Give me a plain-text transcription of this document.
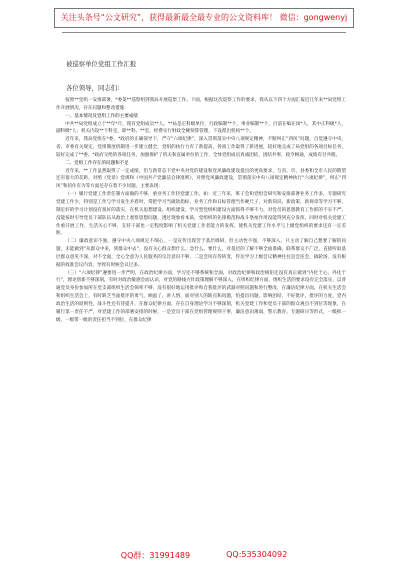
关注头条号“公文研究”，获得最新最全最专业的公文资料库！ 微信：gongwenyj
被巡察单位党组工作汇报
各位领导，同志们：

按照**党组一安排部署，*委第**巡察组到我局开展巡察工作。下面，根据这次巡察工作的要求，我从以下四个方面汇报近几年来**局党组工作开展情况，存在问题和整改措施：

一、基本情况及党组工作的主要成绩

中共**局党组成立于**年*月，现有党组成员**人。**局是正科级单位，行政编制**个，事业编制**个，目前在编在岗*人，其中正科级*人，副科级*人；机关内设**个科室，即**科、**室，经费实行财政全额预算管理，下设派出机构**个。

近年来，我局党组在*委、*政府的正确领导下，严守“六项纪律”，深入贯彻落实中央八项规定精神，不断纠正“四风”问题，自觉遵守中央、省、市委有关规定，党组制度机制进一步建立健全，党组的执行力有了新提高，各项工作取得了新进展，较好地完成了局党组的各项目标任务，较好完成了**委、*政府交给的各项任务，加强保护了机关和直属单位的工作，全体党组成员真诚团结，团结共事，政令畅通，成绩有目共睹。

二、党组工作存在的问题和不足

近年来，**工作虽然取得了一定成绩，但与新常态下党中央对党的建设和党风廉政建设提出的更高要求，与省、市、县委和全市人民的期望还有很大的差距，对照《党章》党规和《中国共产党廉洁自律准则》，对照党风廉政建设，贯彻落实中央八项规定精神执行“六项纪律”，纠正“四风”和扭住有为等方面还存在着不少问题，主要表现：

（一）履行党建工作责任制方面做的不够，重业务工作轻党建工作。如：近三年来，班子会和党组会研究和安排部署业务工作多，专题研究党建工作少，特别是工作与学习发生矛盾时，常把学习当做软指标，业务工作和日标管理当作硬尺子，对新知识、新政策、新规章等学习不够，制定好的学习计划没有很好的落实，在机关思想建设、组织建设、学习型党组织建设方面抓得不够不力，对党员的思想教育工作抓的不实不严，没能按时引导党员干部队伍从政治上观察思想问题，透过现象看本质，党组织的先锋模范和战斗堡垒作用没能得到充分发挥，同时对机关党建工作重开展工作，生活关心不够，支持干部也一定程度影响了机关党建工作者能力的发挥，使机关党建工作水平与上级党组织的要求还有一定差距。

（二）廉政意识不强，遵守中央八项规定不细心，一是宣传出现苦于基层调研，但主动性不强，不够深入，只主动了解自己想要了解的问题，未能做到“从群众中来，到群众中去”，没有关心群众想什么、急什么、要什么，对基层的了解不够全面准确，联系群众不广泛，直接听取基层群众意见不深，对不全面，全心全意为人民服务的宗旨意识不够，二是会风有待转变，传达学习上级会议精神往往是会连会，搞轮场，没有根据的找准会议内容，导致有时候会议过多。

（三）“六项纪律”遵要进一步严明，在政治纪律方面，学习还不够系统和全面，对政治纪律和政治规矩还没有真正做到“内化于心，外化于行”，理论创新不够深刻，有时对政治敏感会面认识，对党的路线方针政策理解不够深入，在组织纪律方面，组织生活的要求没有完全落实，以普通党员身份参加所在党支部组织生活会频率不够，没有很好地运用批评和自我批评的武器对照问题和进行整改，在廉洁纪律方面，在机关生活会和组织生活会上，有时缺乏当面批评的勇气，顾虑了，讲人情，面对别人的缺点和问题，怕提出问题，影响团结，不好批评，批评的力度，党内政治生活的原则性，战斗性还有待提升，在群众纪律方面，存在自身理论学习不够深刻，机关党建工作和党员干部的群众观点不到位等现象，在履行第一责任不严，对党建工作的部署安排的时候，一是党员干部在党组管理规则干事，廉洁意识薄弱，警示教育、专题研讨等形式，一级抓一级，一级带一级的责任担当不到位，在群众纪律

QQ群：31991489	QQ:535304092
